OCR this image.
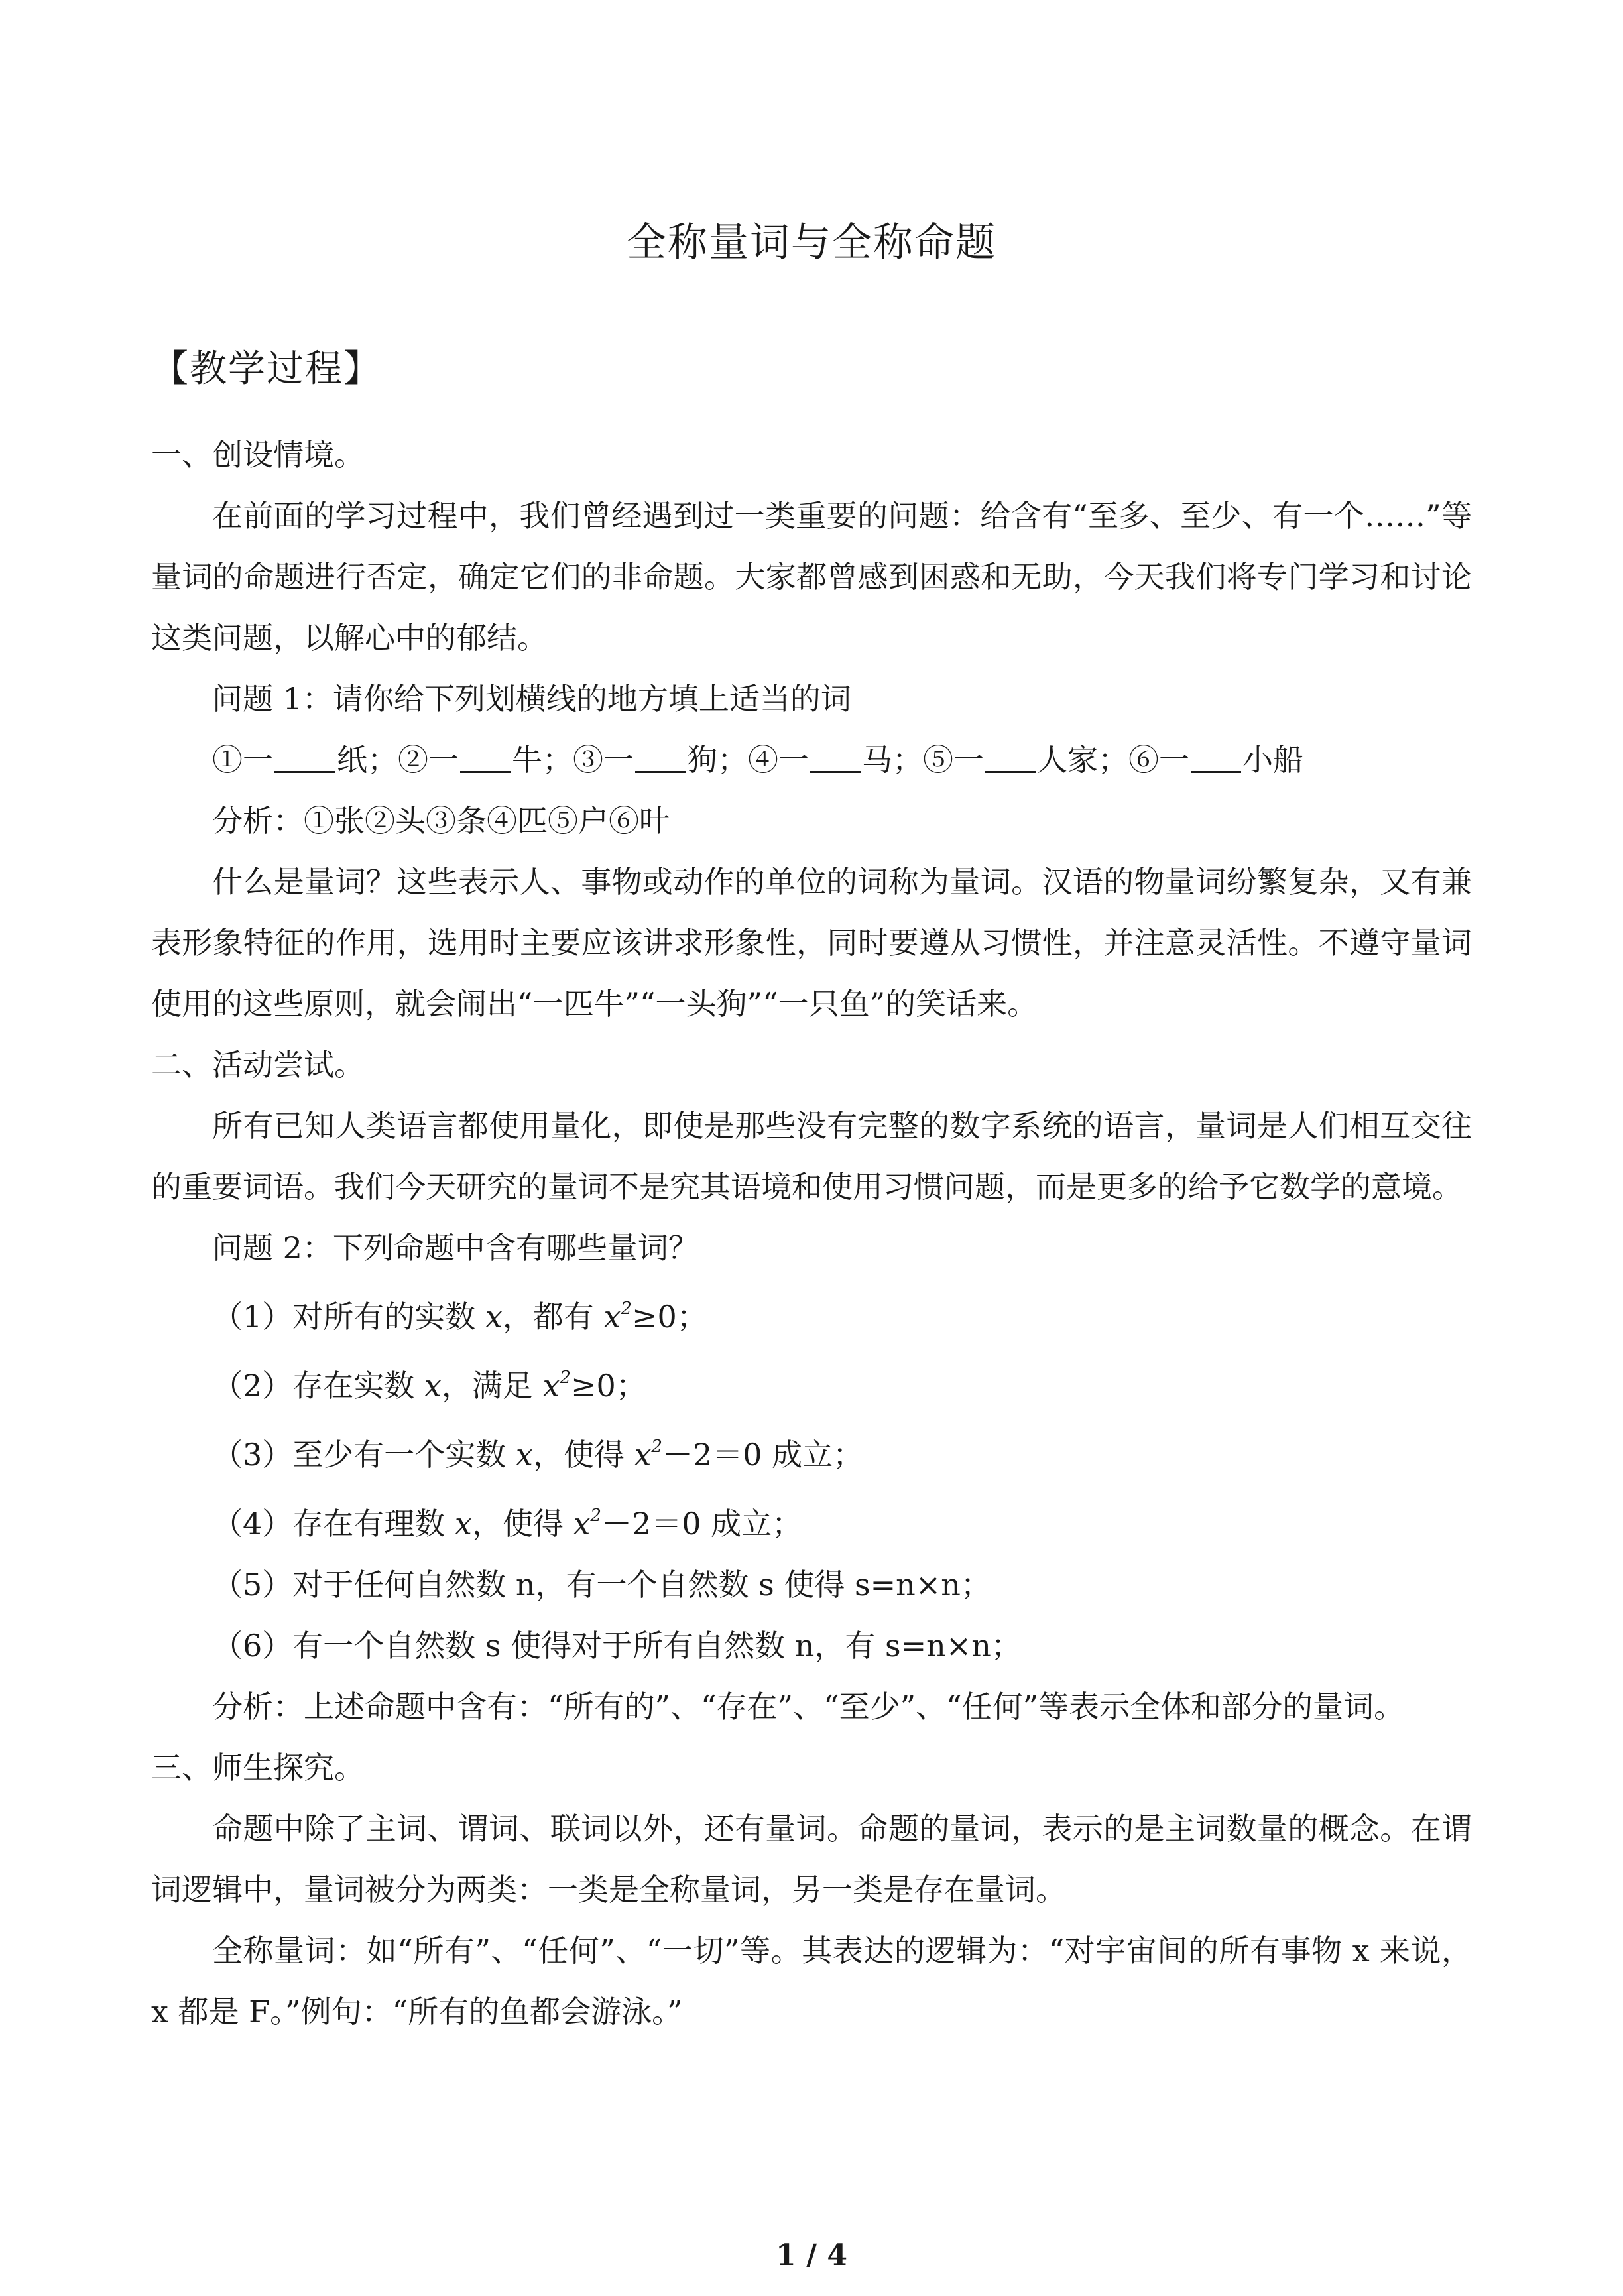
全称量词与全称命题
【教学过程】

一、创设情境。

在前面的学习过程中，我们曾经遇到过一类重要的问题：给含有“至多、至少、有一个……”等量词的命题进行否定，确定它们的非命题。大家都曾感到困惑和无助，今天我们将专门学习和讨论这类问题，以解心中的郁结。

问题 1：请你给下列划横线的地方填上适当的词

①一 纸；②一 牛；③一 狗；④一 马；⑤一 人家；⑥一 小船

分析：①张②头③条④匹⑤户⑥叶

什么是量词？这些表示人、事物或动作的单位的词称为量词。汉语的物量词纷繁复杂，又有兼表形象特征的作用，选用时主要应该讲求形象性，同时要遵从习惯性，并注意灵活性。不遵守量词使用的这些原则，就会闹出“一匹牛”“一头狗”“一只鱼”的笑话来。

二、活动尝试。

所有已知人类语言都使用量化，即使是那些没有完整的数字系统的语言，量词是人们相互交往的重要词语。我们今天研究的量词不是究其语境和使用习惯问题，而是更多的给予它数学的意境。

问题 2：下列命题中含有哪些量词？

（1）对所有的实数 x，都有 $x^2\ge 0$；

（2）存在实数 x，满足 $x^2\ge 0$；

（3）至少有一个实数 x，使得 $x^2-2=0$ 成立；

（4）存在有理数 x，使得 $x^2-2=0$ 成立；

（5）对于任何自然数 n，有一个自然数 s 使得 s=n×n；

（6）有一个自然数 s 使得对于所有自然数 n，有 s=n×n；

分析：上述命题中含有：“所有的”、“存在”、“至少”、“任何”等表示全体和部分的量词。

三、师生探究。

命题中除了主词、谓词、联词以外，还有量词。命题的量词，表示的是主词数量的概念。在谓词逻辑中，量词被分为两类：一类是全称量词，另一类是存在量词。

全称量词：如“所有”、“任何”、“一切”等。其表达的逻辑为：“对宇宙间的所有事物 x 来说，x 都是 F。”例句：“所有的鱼都会游泳。”

1 / 4
